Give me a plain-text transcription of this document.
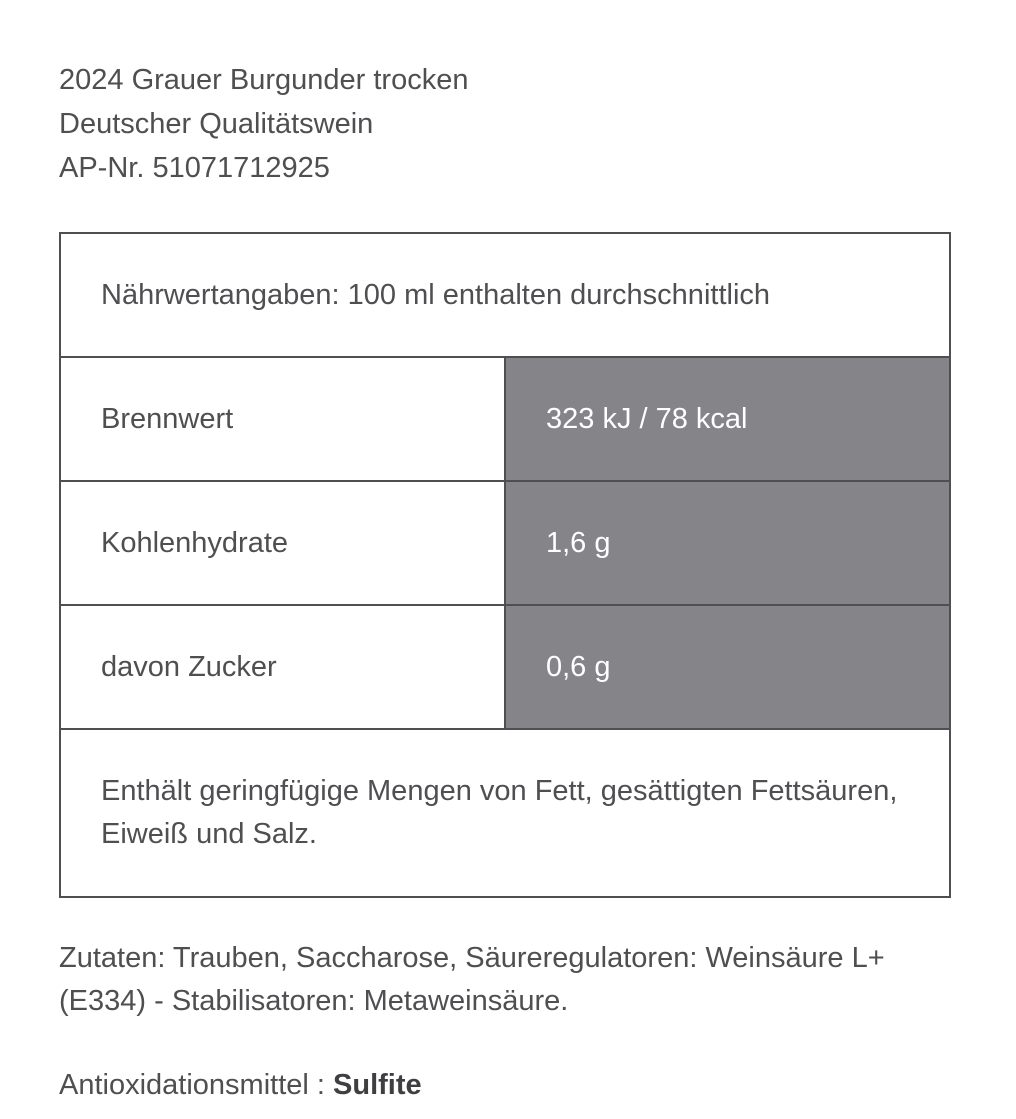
2024 Grauer Burgunder trocken
Deutscher Qualitätswein
AP-Nr. 51071712925
Nährwertangaben: 100 ml enthalten durchschnittlich
Brennwert	323 kJ / 78 kcal
Kohlenhydrate	1,6 g
davon Zucker	0,6 g
Enthält geringfügige Mengen von Fett, gesättigten Fettsäuren, Eiweiß und Salz.
Zutaten: Trauben, Saccharose, Säureregulatoren: Weinsäure L+ (E334) - Stabilisatoren: Metaweinsäure.
Antioxidationsmittel : Sulfite
